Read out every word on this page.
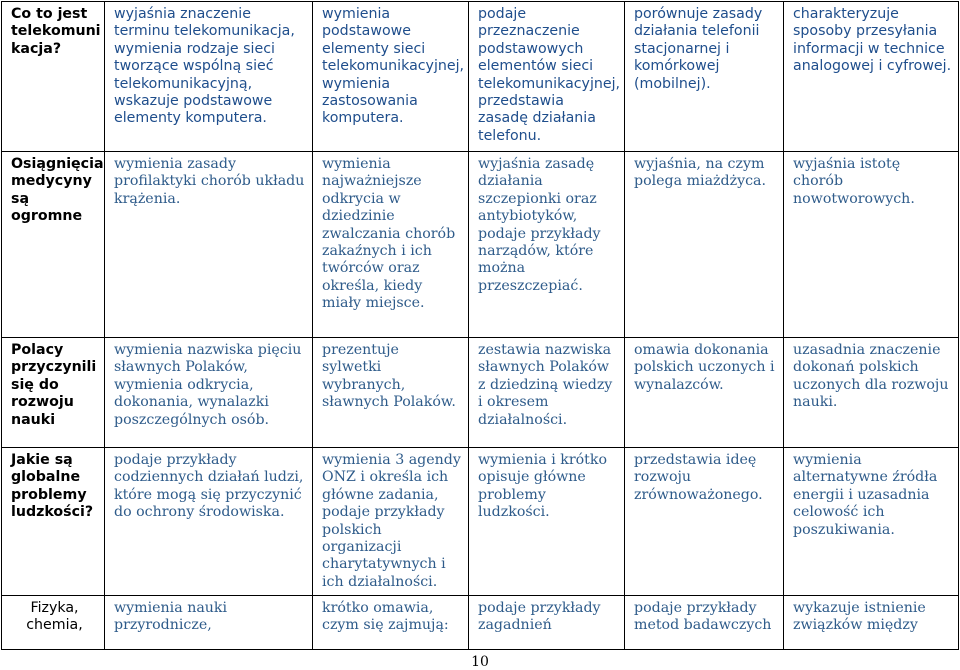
Co to jest telekomuni kacja?	wyjaśnia znaczenie terminu telekomunikacja, wymienia rodzaje sieci tworzące wspólną sieć telekomunikacyjną, wskazuje podstawowe elementy komputera.	wymienia podstawowe elementy sieci telekomunikacyjnej, wymienia zastosowania komputera.	podaje przeznaczenie podstawowych elementów sieci telekomunikacyjnej, przedstawia zasadę działania telefonu.	porównuje zasady działania telefonii stacjonarnej i komórkowej (mobilnej).	charakteryzuje sposoby przesyłania informacji w technice analogowej i cyfrowej.
Osiągnięcia medycyny są ogromne	wymienia zasady profilaktyki chorób układu krążenia.	wymienia najważniejsze odkrycia w dziedzinie zwalczania chorób zakaźnych i ich twórców oraz określa, kiedy miały miejsce.	wyjaśnia zasadę działania szczepionki oraz antybiotyków, podaje przykłady narządów, które można przeszczepiać.	wyjaśnia, na czym polega miażdżyca.	wyjaśnia istotę chorób nowotworowych.
Polacy przyczynili się do rozwoju nauki	wymienia nazwiska pięciu sławnych Polaków, wymienia odkrycia, dokonania, wynalazki poszczególnych osób.	prezentuje sylwetki wybranych, sławnych Polaków.	zestawia nazwiska sławnych Polaków z dziedziną wiedzy i okresem działalności.	omawia dokonania polskich uczonych i wynalazców.	uzasadnia znaczenie dokonań polskich uczonych dla rozwoju nauki.
Jakie są globalne problemy ludzkości?	podaje przykłady codziennych działań ludzi, które mogą się przyczynić do ochrony środowiska.	wymienia 3 agendy ONZ i określa ich główne zadania, podaje przykłady polskich organizacji charytatywnych i ich działalności.	wymienia i krótko opisuje główne problemy ludzkości.	przedstawia ideę rozwoju zrównoważonego.	wymienia alternatywne źródła energii i uzasadnia celowość ich poszukiwania.
Fizyka, chemia,	wymienia nauki przyrodnicze,	krótko omawia, czym się zajmują:	podaje przykłady zagadnień	podaje przykłady metod badawczych	wykazuje istnienie związków między
10
